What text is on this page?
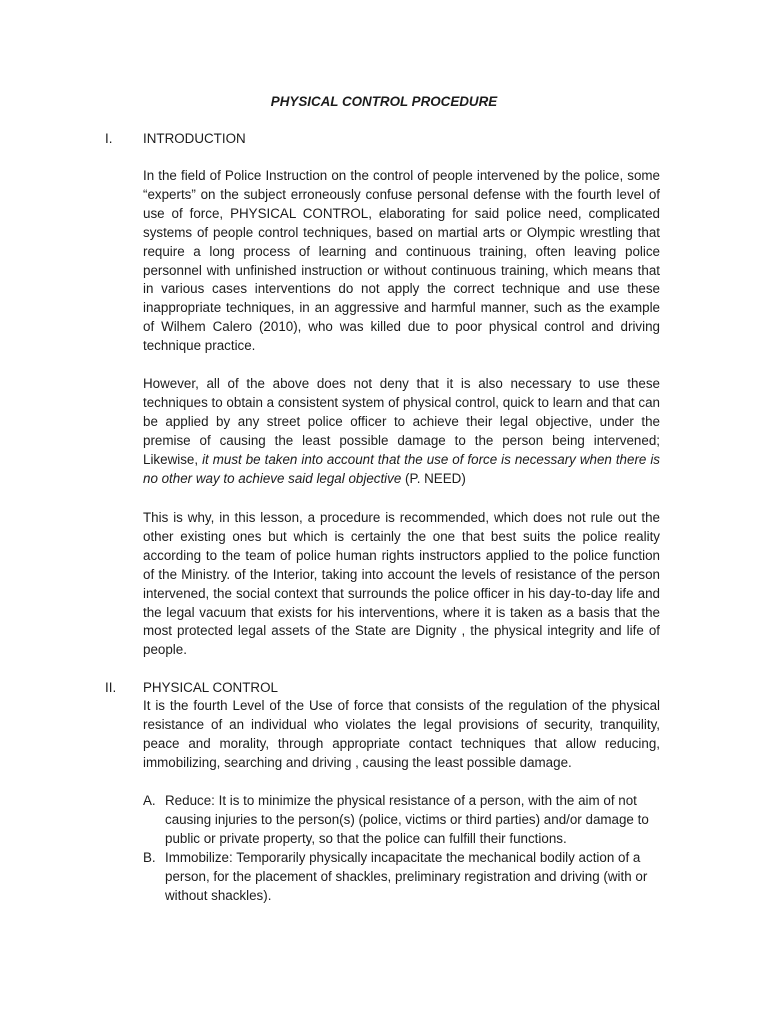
PHYSICAL CONTROL PROCEDURE
I. INTRODUCTION

In the field of Police Instruction on the control of people intervened by the police, some “experts” on the subject erroneously confuse personal defense with the fourth level of use of force, PHYSICAL CONTROL, elaborating for said police need, complicated systems of people control techniques, based on martial arts or Olympic wrestling that require a long process of learning and continuous training, often leaving police personnel with unfinished instruction or without continuous training, which means that in various cases interventions do not apply the correct technique and use these inappropriate techniques, in an aggressive and harmful manner, such as the example of Wilhem Calero (2010), who was killed due to poor physical control and driving technique practice.

However, all of the above does not deny that it is also necessary to use these techniques to obtain a consistent system of physical control, quick to learn and that can be applied by any street police officer to achieve their legal objective, under the premise of causing the least possible damage to the person being intervened; Likewise, it must be taken into account that the use of force is necessary when there is no other way to achieve said legal objective (P. NEED)

This is why, in this lesson, a procedure is recommended, which does not rule out the other existing ones but which is certainly the one that best suits the police reality according to the team of police human rights instructors applied to the police function of the Ministry. of the Interior, taking into account the levels of resistance of the person intervened, the social context that surrounds the police officer in his day-to-day life and the legal vacuum that exists for his interventions, where it is taken as a basis that the most protected legal assets of the State are Dignity , the physical integrity and life of people.

II. PHYSICAL CONTROL

It is the fourth Level of the Use of force that consists of the regulation of the physical resistance of an individual who violates the legal provisions of security, tranquility, peace and morality, through appropriate contact techniques that allow reducing, immobilizing, searching and driving , causing the least possible damage.

A. Reduce: It is to minimize the physical resistance of a person, with the aim of not causing injuries to the person(s) (police, victims or third parties) and/or damage to public or private property, so that the police can fulfill their functions.
B. Immobilize: Temporarily physically incapacitate the mechanical bodily action of a person, for the placement of shackles, preliminary registration and driving (with or without shackles).
